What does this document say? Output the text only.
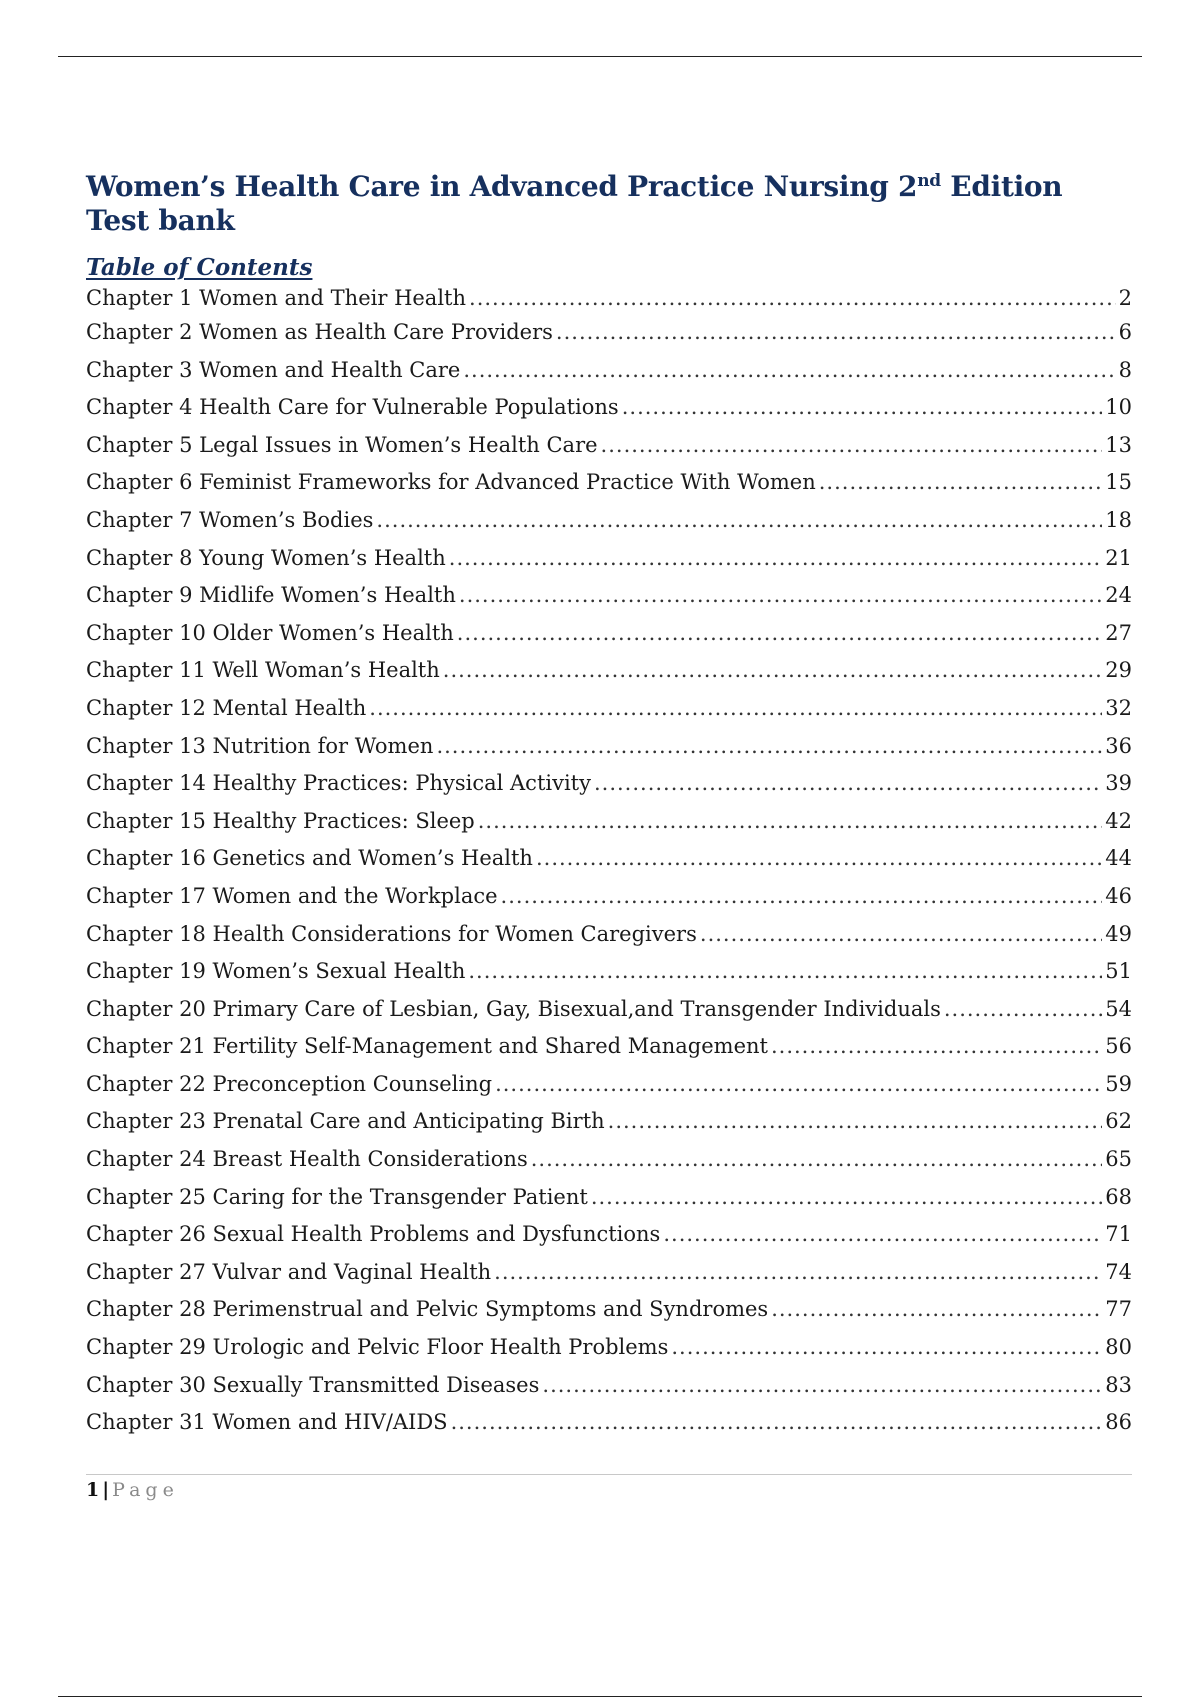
Women’s Health Care in Advanced Practice Nursing 2nd Edition
Test bank
Table of Contents
Chapter 1 Women and Their Health .....	2
Chapter 2 Women as Health Care Providers .....	6
Chapter 3 Women and Health Care .....	8
Chapter 4 Health Care for Vulnerable Populations .....	10
Chapter 5 Legal Issues in Women’s Health Care .....	13
Chapter 6 Feminist Frameworks for Advanced Practice With Women .....	15
Chapter 7 Women’s Bodies .....	18
Chapter 8 Young Women’s Health .....	21
Chapter 9 Midlife Women’s Health .....	24
Chapter 10 Older Women’s Health .....	27
Chapter 11 Well Woman’s Health .....	29
Chapter 12 Mental Health .....	32
Chapter 13 Nutrition for Women .....	36
Chapter 14 Healthy Practices: Physical Activity .....	39
Chapter 15 Healthy Practices: Sleep .....	42
Chapter 16 Genetics and Women’s Health .....	44
Chapter 17 Women and the Workplace .....	46
Chapter 18 Health Considerations for Women Caregivers .....	49
Chapter 19 Women’s Sexual Health .....	51
Chapter 20 Primary Care of Lesbian, Gay, Bisexual,and Transgender Individuals .....	54
Chapter 21 Fertility Self-Management and Shared Management .....	56
Chapter 22 Preconception Counseling .....	59
Chapter 23 Prenatal Care and Anticipating Birth .....	62
Chapter 24 Breast Health Considerations .....	65
Chapter 25 Caring for the Transgender Patient .....	68
Chapter 26 Sexual Health Problems and Dysfunctions .....	71
Chapter 27 Vulvar and Vaginal Health .....	74
Chapter 28 Perimenstrual and Pelvic Symptoms and Syndromes .....	77
Chapter 29 Urologic and Pelvic Floor Health Problems .....	80
Chapter 30 Sexually Transmitted Diseases .....	83
Chapter 31 Women and HIV/AIDS .....	86
1 | Page
